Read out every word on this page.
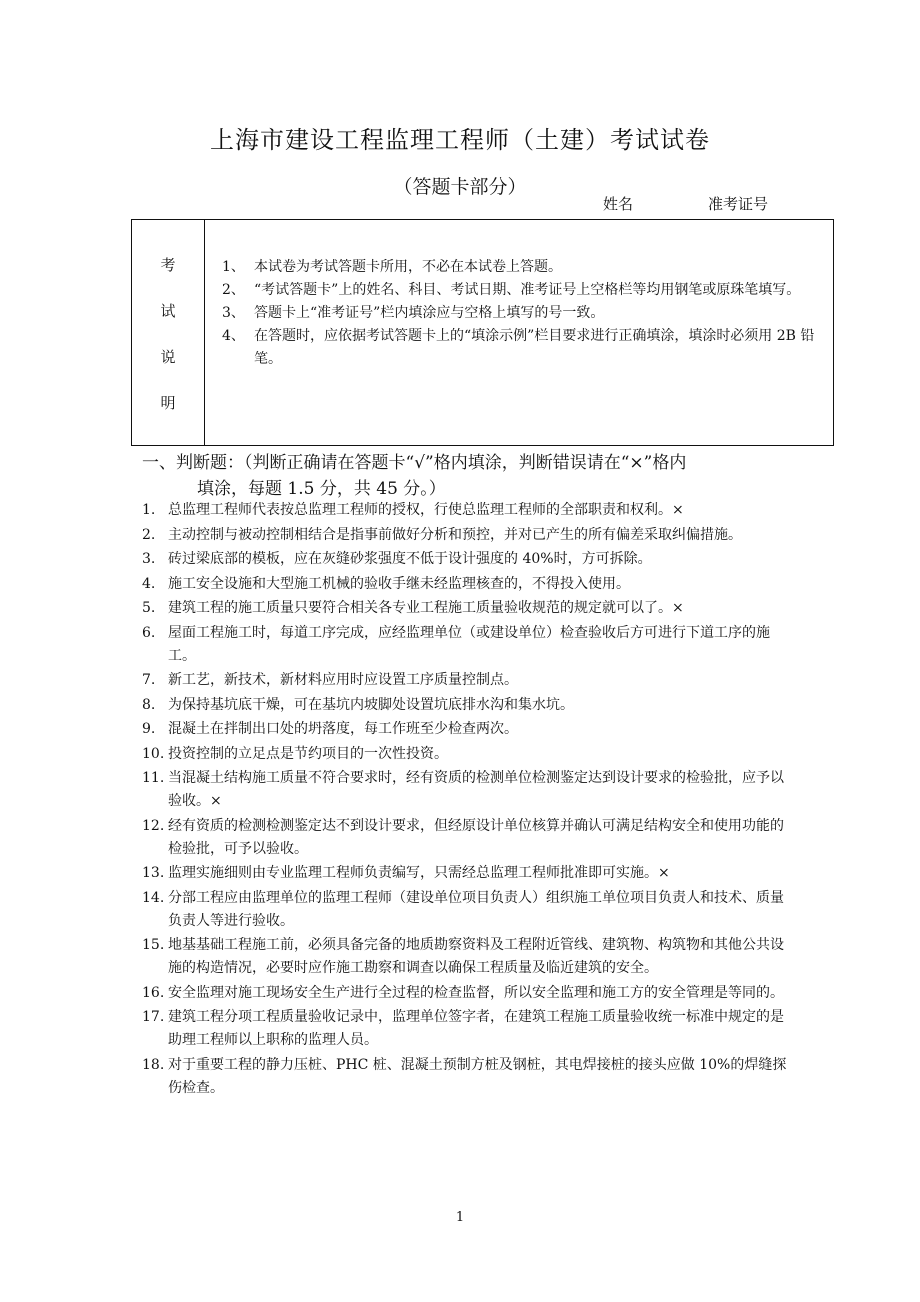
上海市建设工程监理工程师（土建）考试试卷
（答题卡部分）
姓名	准考证号
考
试
说
明
1、 本试卷为考试答题卡所用，不必在本试卷上答题。
2、 “考试答题卡”上的姓名、科目、考试日期、准考证号上空格栏等均用钢笔或原珠笔填写。
3、 答题卡上“准考证号”栏内填涂应与空格上填写的号一致。
4、 在答题时，应依据考试答题卡上的“填涂示例”栏目要求进行正确填涂，填涂时必须用 2B 铅笔。
一、判断题：（判断正确请在答题卡“√”格内填涂，判断错误请在“×”格内
填涂，每题 1.5 分，共 45 分。）
1. 总监理工程师代表按总监理工程师的授权，行使总监理工程师的全部职责和权利。×
2. 主动控制与被动控制相结合是指事前做好分析和预控，并对已产生的所有偏差采取纠偏措施。
3. 砖过梁底部的模板，应在灰缝砂浆强度不低于设计强度的 40%时，方可拆除。
4. 施工安全设施和大型施工机械的验收手继未经监理核查的，不得投入使用。
5. 建筑工程的施工质量只要符合相关各专业工程施工质量验收规范的规定就可以了。×
6. 屋面工程施工时，每道工序完成，应经监理单位（或建设单位）检查验收后方可进行下道工序的施工。
7. 新工艺，新技术，新材料应用时应设置工序质量控制点。
8. 为保持基坑底干燥，可在基坑内坡脚处设置坑底排水沟和集水坑。
9. 混凝土在拌制出口处的坍落度，每工作班至少检查两次。
10. 投资控制的立足点是节约项目的一次性投资。
11. 当混凝土结构施工质量不符合要求时，经有资质的检测单位检测鉴定达到设计要求的检验批，应予以验收。×
12. 经有资质的检测检测鉴定达不到设计要求，但经原设计单位核算并确认可满足结构安全和使用功能的检验批，可予以验收。
13. 监理实施细则由专业监理工程师负责编写，只需经总监理工程师批准即可实施。×
14. 分部工程应由监理单位的监理工程师（建设单位项目负责人）组织施工单位项目负责人和技术、质量负责人等进行验收。
15. 地基基础工程施工前，必须具备完备的地质勘察资料及工程附近管线、建筑物、构筑物和其他公共设施的构造情况，必要时应作施工勘察和调查以确保工程质量及临近建筑的安全。
16. 安全监理对施工现场安全生产进行全过程的检查监督，所以安全监理和施工方的安全管理是等同的。
17. 建筑工程分项工程质量验收记录中，监理单位签字者，在建筑工程施工质量验收统一标准中规定的是助理工程师以上职称的监理人员。
18. 对于重要工程的静力压桩、PHC 桩、混凝土预制方桩及钢桩，其电焊接桩的接头应做 10%的焊缝探伤检查。
1
